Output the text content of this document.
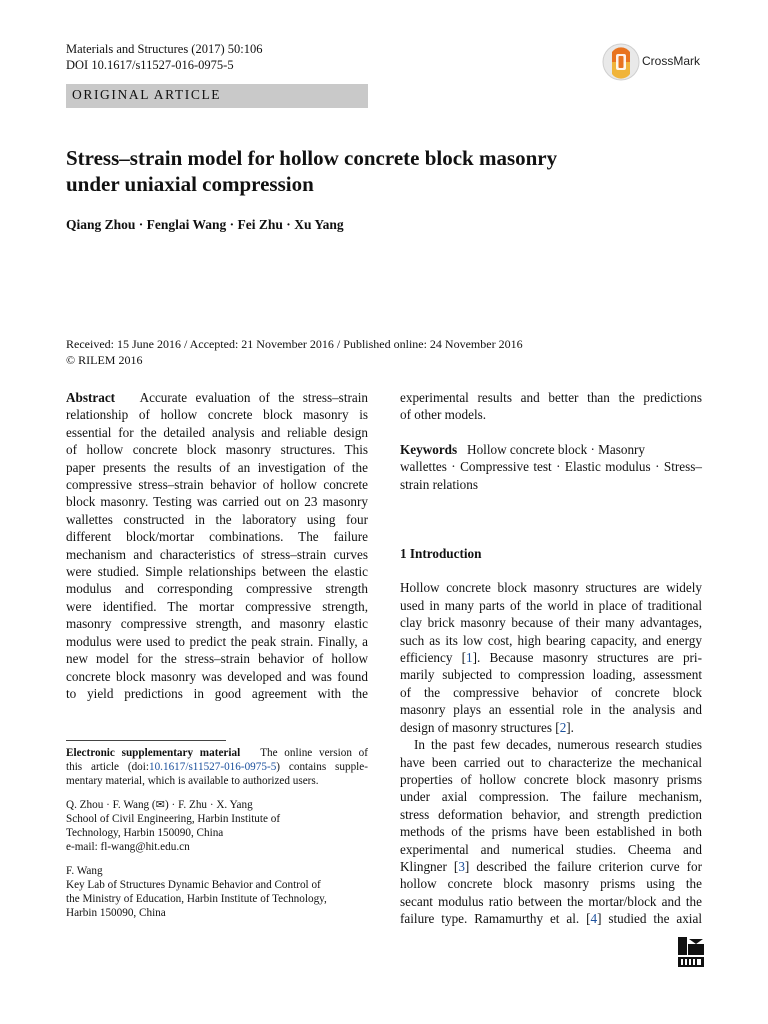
Materials and Structures (2017) 50:106
DOI 10.1617/s11527-016-0975-5	CrossMark
ORIGINAL ARTICLE
Stress–strain model for hollow concrete block masonry
under uniaxial compression
Qiang Zhou · Fenglai Wang · Fei Zhu · Xu Yang
Received: 15 June 2016 / Accepted: 21 November 2016 / Published online: 24 November 2016
© RILEM 2016
Abstract Accurate evaluation of the stress–strain
relationship of hollow concrete block masonry is
essential for the detailed analysis and reliable design
of hollow concrete block masonry structures. This
paper presents the results of an investigation of the
compressive stress–strain behavior of hollow concrete
block masonry. Testing was carried out on 23 masonry
wallettes constructed in the laboratory using four
different block/mortar combinations. The failure
mechanism and characteristics of stress–strain curves
were studied. Simple relationships between the elastic
modulus and corresponding compressive strength
were identified. The mortar compressive strength,
masonry compressive strength, and masonry elastic
modulus were used to predict the peak strain. Finally, a
new model for the stress–strain behavior of hollow
concrete block masonry was developed and was found
to yield predictions in good agreement with the
Electronic supplementary material The online version of
this article (doi:10.1617/s11527-016-0975-5) contains supple-
mentary material, which is available to authorized users.
Q. Zhou · F. Wang (✉) · F. Zhu · X. Yang
School of Civil Engineering, Harbin Institute of
Technology, Harbin 150090, China
e-mail: fl-wang@hit.edu.cn
F. Wang
Key Lab of Structures Dynamic Behavior and Control of
the Ministry of Education, Harbin Institute of Technology,
Harbin 150090, China
experimental results and better than the predictions
of other models.
Keywords Hollow concrete block · Masonry
wallettes · Compressive test · Elastic modulus · Stress–
strain relations
1 Introduction
Hollow concrete block masonry structures are widely
used in many parts of the world in place of traditional
clay brick masonry because of their many advantages,
such as its low cost, high bearing capacity, and energy
efficiency [1]. Because masonry structures are pri-
marily subjected to compression loading, assessment
of the compressive behavior of concrete block
masonry plays an essential role in the analysis and
design of masonry structures [2].
In the past few decades, numerous research studies
have been carried out to characterize the mechanical
properties of hollow concrete block masonry prisms
under axial compression. The failure mechanism,
stress deformation behavior, and strength prediction
methods of the prisms have been established in both
experimental and numerical studies. Cheema and
Klingner [3] described the failure criterion curve for
hollow concrete block masonry prisms using the
secant modulus ratio between the mortar/block and the
failure type. Ramamurthy et al. [4] studied the axial
